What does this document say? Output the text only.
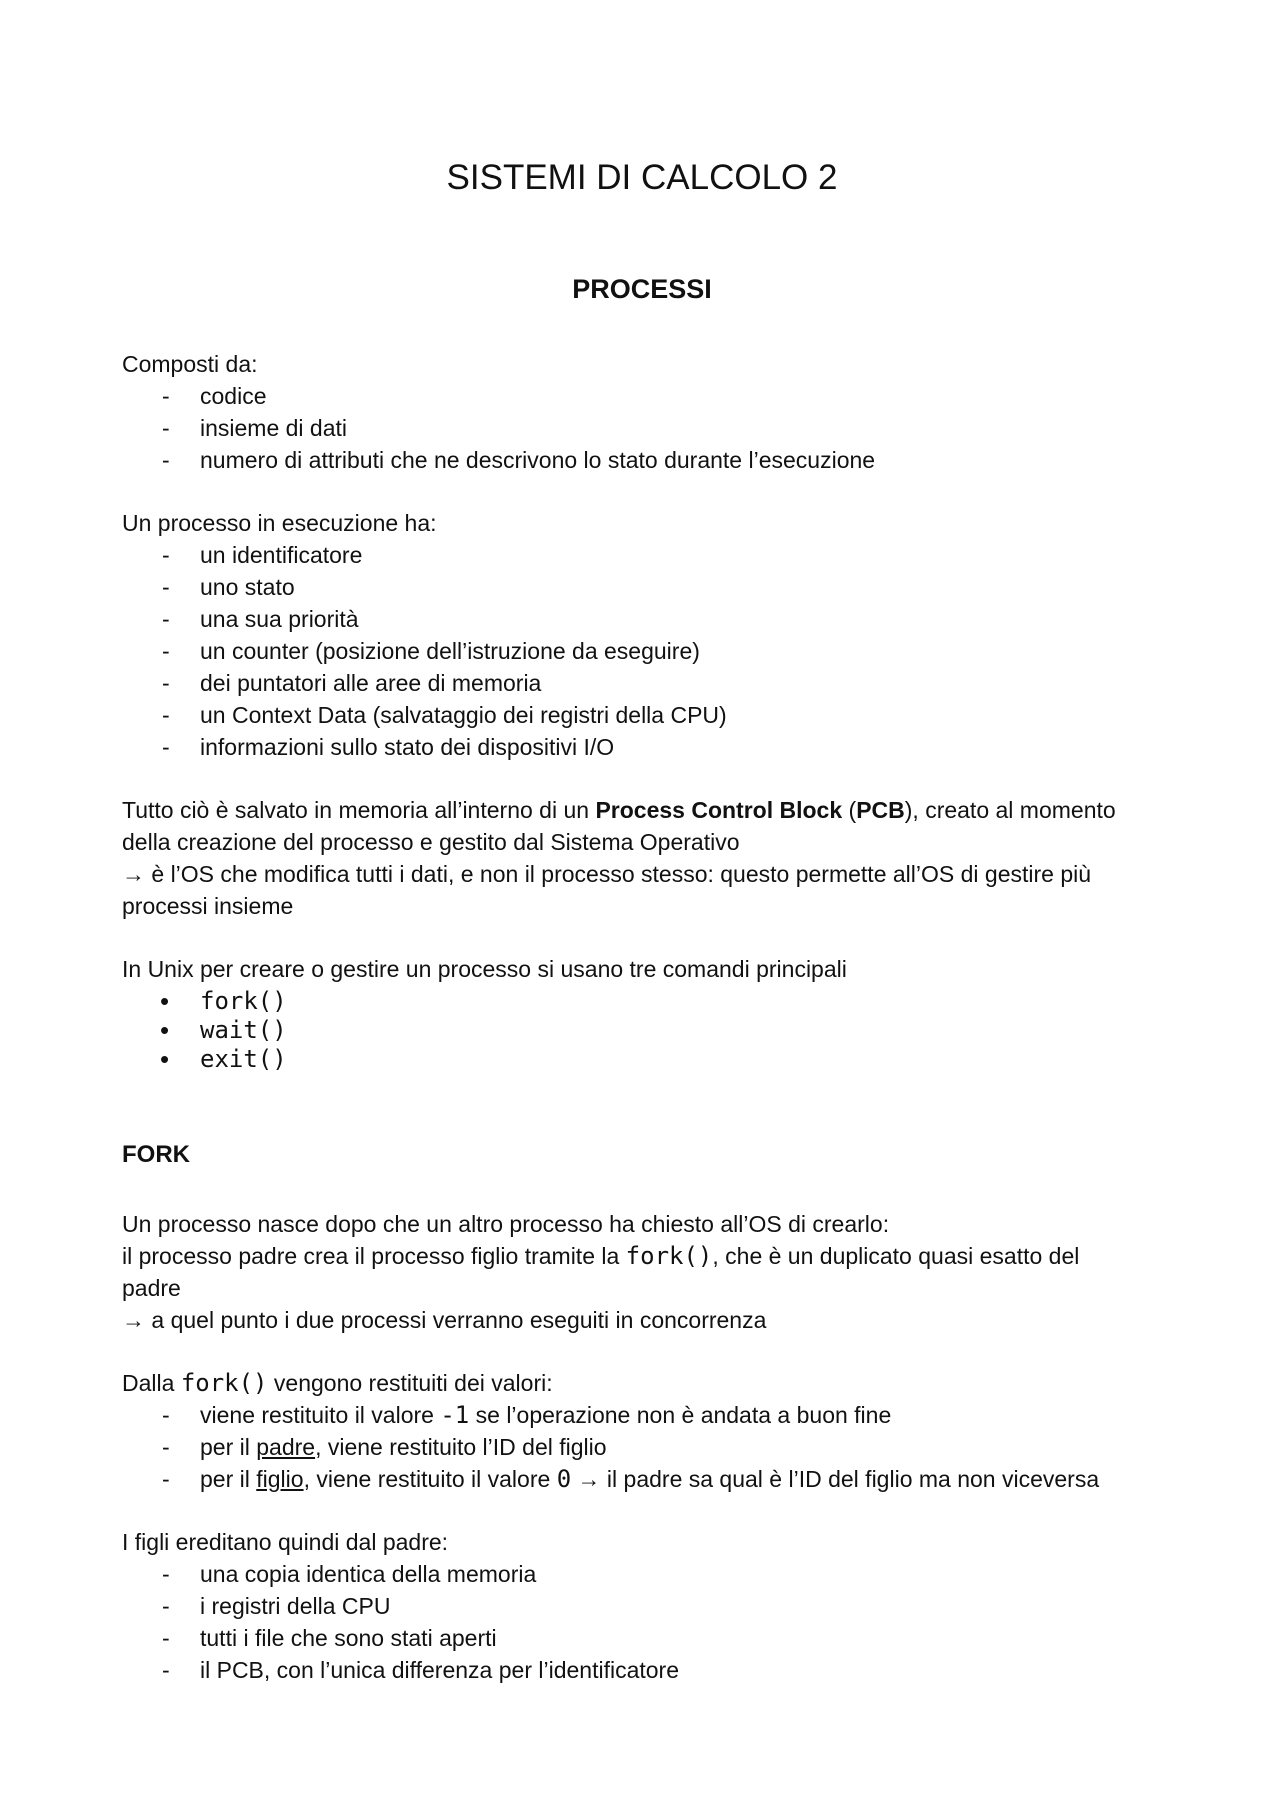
SISTEMI DI CALCOLO 2
PROCESSI
Composti da:
- codice
- insieme di dati
- numero di attributi che ne descrivono lo stato durante l’esecuzione
Un processo in esecuzione ha:
- un identificatore
- uno stato
- una sua priorità
- un counter (posizione dell’istruzione da eseguire)
- dei puntatori alle aree di memoria
- un Context Data (salvataggio dei registri della CPU)
- informazioni sullo stato dei dispositivi I/O
Tutto ciò è salvato in memoria all’interno di un Process Control Block (PCB), creato al momento
della creazione del processo e gestito dal Sistema Operativo
→ è l’OS che modifica tutti i dati, e non il processo stesso: questo permette all’OS di gestire più
processi insieme
In Unix per creare o gestire un processo si usano tre comandi principali
• fork()
• wait()
• exit()
FORK
Un processo nasce dopo che un altro processo ha chiesto all’OS di crearlo:
il processo padre crea il processo figlio tramite la fork(), che è un duplicato quasi esatto del
padre
→ a quel punto i due processi verranno eseguiti in concorrenza
Dalla fork() vengono restituiti dei valori:
- viene restituito il valore -1 se l’operazione non è andata a buon fine
- per il padre, viene restituito l’ID del figlio
- per il figlio, viene restituito il valore 0 → il padre sa qual è l’ID del figlio ma non viceversa
I figli ereditano quindi dal padre:
- una copia identica della memoria
- i registri della CPU
- tutti i file che sono stati aperti
- il PCB, con l’unica differenza per l’identificatore
